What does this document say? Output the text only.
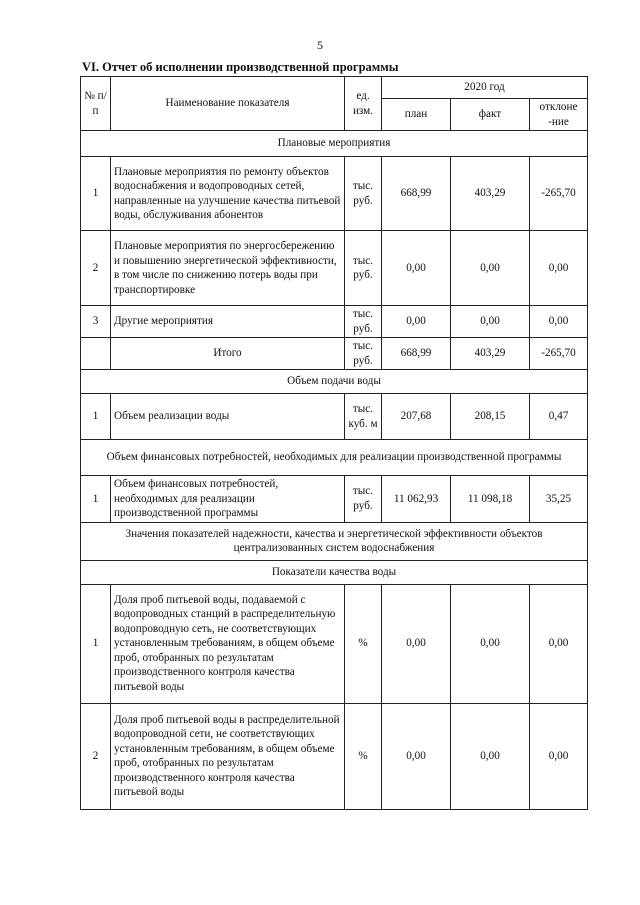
5
VI. Отчет об исполнении производственной программы
№ п/п	Наименование показателя	ед. изм.	2020 год		
			план	факт	отклоне -ние
Плановые мероприятия					
1	Плановые мероприятия по ремонту объектов водоснабжения и водопроводных сетей, направленные на улучшение качества питьевой воды, обслуживания абонентов	тыс. руб.	668,99	403,29	-265,70
2	Плановые мероприятия по энергосбережению и повышению энергетической эффективности, в том числе по снижению потерь воды при транспортировке	тыс. руб.	0,00	0,00	0,00
3	Другие мероприятия	тыс. руб.	0,00	0,00	0,00
	Итого	тыс. руб.	668,99	403,29	-265,70
Объем подачи воды					
1	Объем реализации воды	тыс. куб. м	207,68	208,15	0,47
Объем финансовых потребностей, необходимых для реализации производственной программы					
1	Объем финансовых потребностей, необходимых для реализации производственной программы	тыс. руб.	11 062,93	11 098,18	35,25
Значения показателей надежности, качества и энергетической эффективности объектов централизованных систем водоснабжения					
Показатели качества воды					
1	Доля проб питьевой воды, подаваемой с водопроводных станций в распределительную водопроводную сеть, не соответствующих установленным требованиям, в общем объеме проб, отобранных по результатам производственного контроля качества питьевой воды	%	0,00	0,00	0,00
2	Доля проб питьевой воды в распределительной водопроводной сети, не соответствующих установленным требованиям, в общем объеме проб, отобранных по результатам производственного контроля качества питьевой воды	%	0,00	0,00	0,00
